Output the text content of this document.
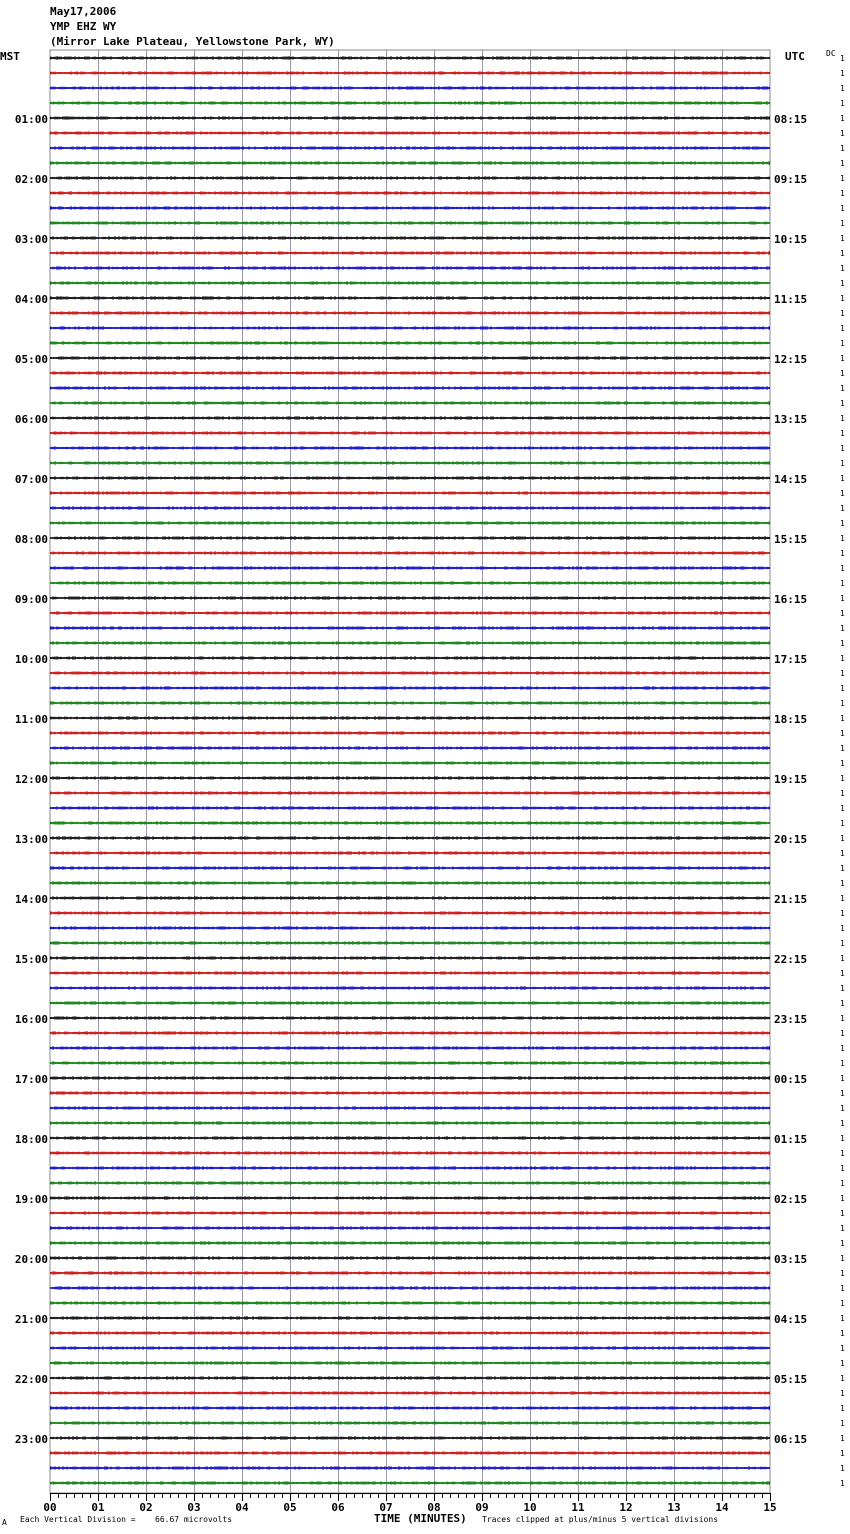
May17,2006
YMP EHZ WY
(Mirror Lake Plateau, Yellowstone Park, WY)
MST	UTC	DC
01:00
02:00
03:00
04:00
05:00
06:00
07:00
08:00
09:00
10:00
11:00
12:00
13:00
14:00
15:00
16:00
17:00
18:00
19:00
20:00
21:00
22:00
23:00
08:15
09:15
10:15
11:15
12:15
13:15
14:15
15:15
16:15
17:15
18:15
19:15
20:15
21:15
22:15
23:15
00:15
01:15
02:15
03:15
04:15
05:15
06:15
1
1
1
1
1
1
1
1
1
1
1
1
1
1
1
1
1
1
1
1
1
1
1
1
1
1
1
1
1
1
1
1
1
1
1
1
1
1
1
1
1
1
1
1
1
1
1
1
1
1
1
1
1
1
1
1
1
1
1
1
1
1
1
1
1
1
1
1
1
1
1
1
1
1
1
1
1
1
1
1
1
1
1
1
1
1
1
1
1
1
1
1
1
1
1
1
00	01	02	03	04	05	06	07	08	09	10	11	12	13	14	15
A Each Vertical Division = 66.67 microvolts	TIME (MINUTES) Traces clipped at plus/minus 5 vertical divisions
